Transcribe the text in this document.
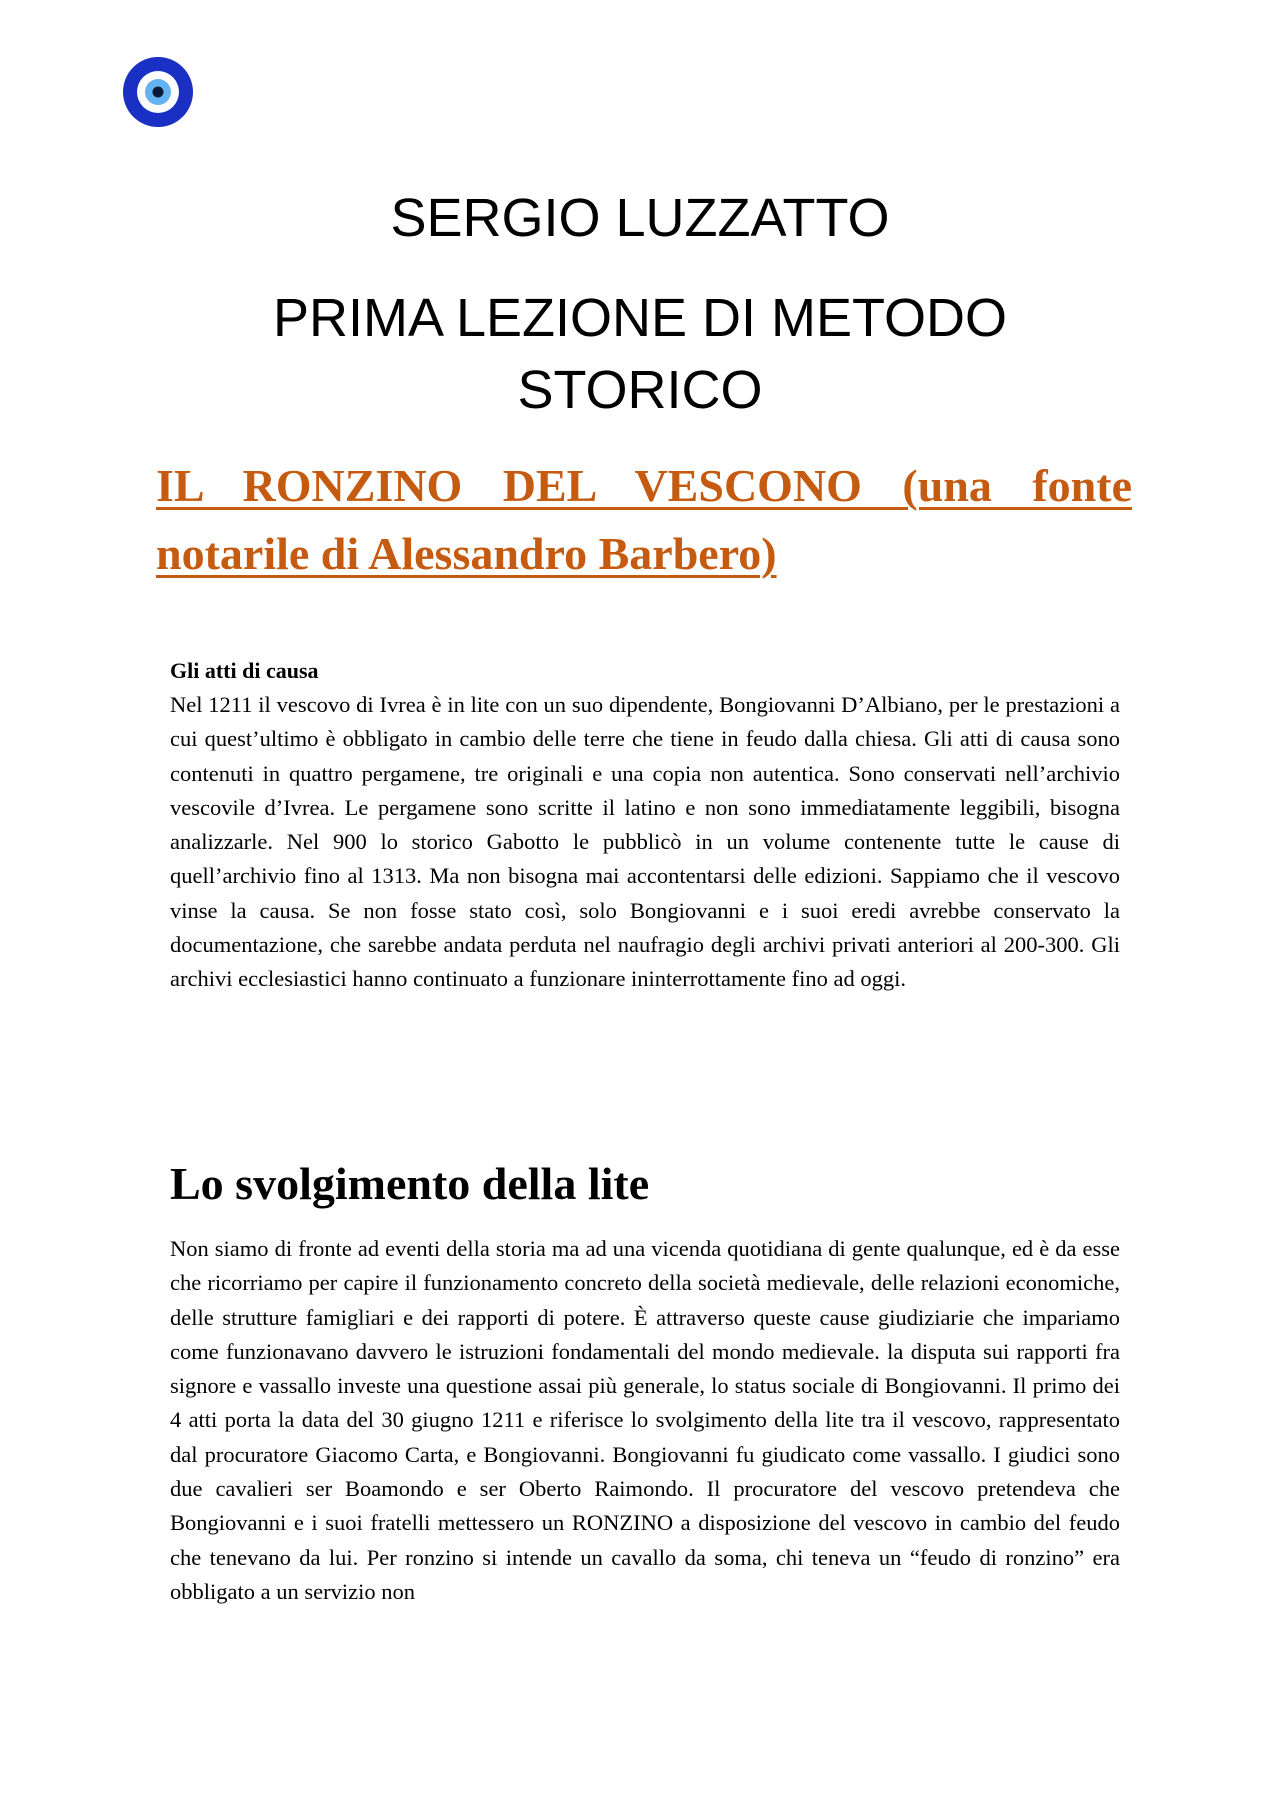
SERGIO LUZZATTO
PRIMA LEZIONE DI METODO STORICO
IL RONZINO DEL VESCONO (una fonte notarile di Alessandro Barbero)

Gli atti di causa

Nel 1211 il vescovo di Ivrea è in lite con un suo dipendente, Bongiovanni D’Albiano, per le prestazioni a cui quest’ultimo è obbligato in cambio delle terre che tiene in feudo dalla chiesa. Gli atti di causa sono contenuti in quattro pergamene, tre originali e una copia non autentica. Sono conservati nell’archivio vescovile d’Ivrea. Le pergamene sono scritte il latino e non sono immediatamente leggibili, bisogna analizzarle. Nel 900 lo storico Gabotto le pubblicò in un volume contenente tutte le cause di quell’archivio fino al 1313. Ma non bisogna mai accontentarsi delle edizioni. Sappiamo che il vescovo vinse la causa. Se non fosse stato così, solo Bongiovanni e i suoi eredi avrebbe conservato la documentazione, che sarebbe andata perduta nel naufragio degli archivi privati anteriori al 200-300. Gli archivi ecclesiastici hanno continuato a funzionare ininterrottamente fino ad oggi.

Lo svolgimento della lite

Non siamo di fronte ad eventi della storia ma ad una vicenda quotidiana di gente qualunque, ed è da esse che ricorriamo per capire il funzionamento concreto della società medievale, delle relazioni economiche, delle strutture famigliari e dei rapporti di potere. È attraverso queste cause giudiziarie che impariamo come funzionavano davvero le istruzioni fondamentali del mondo medievale. la disputa sui rapporti fra signore e vassallo investe una questione assai più generale, lo status sociale di Bongiovanni. Il primo dei 4 atti porta la data del 30 giugno 1211 e riferisce lo svolgimento della lite tra il vescovo, rappresentato dal procuratore Giacomo Carta, e Bongiovanni. Bongiovanni fu giudicato come vassallo. I giudici sono due cavalieri ser Boamondo e ser Oberto Raimondo. Il procuratore del vescovo pretendeva che Bongiovanni e i suoi fratelli mettessero un RONZINO a disposizione del vescovo in cambio del feudo che tenevano da lui. Per ronzino si intende un cavallo da soma, chi teneva un “feudo di ronzino” era obbligato a un servizio non
